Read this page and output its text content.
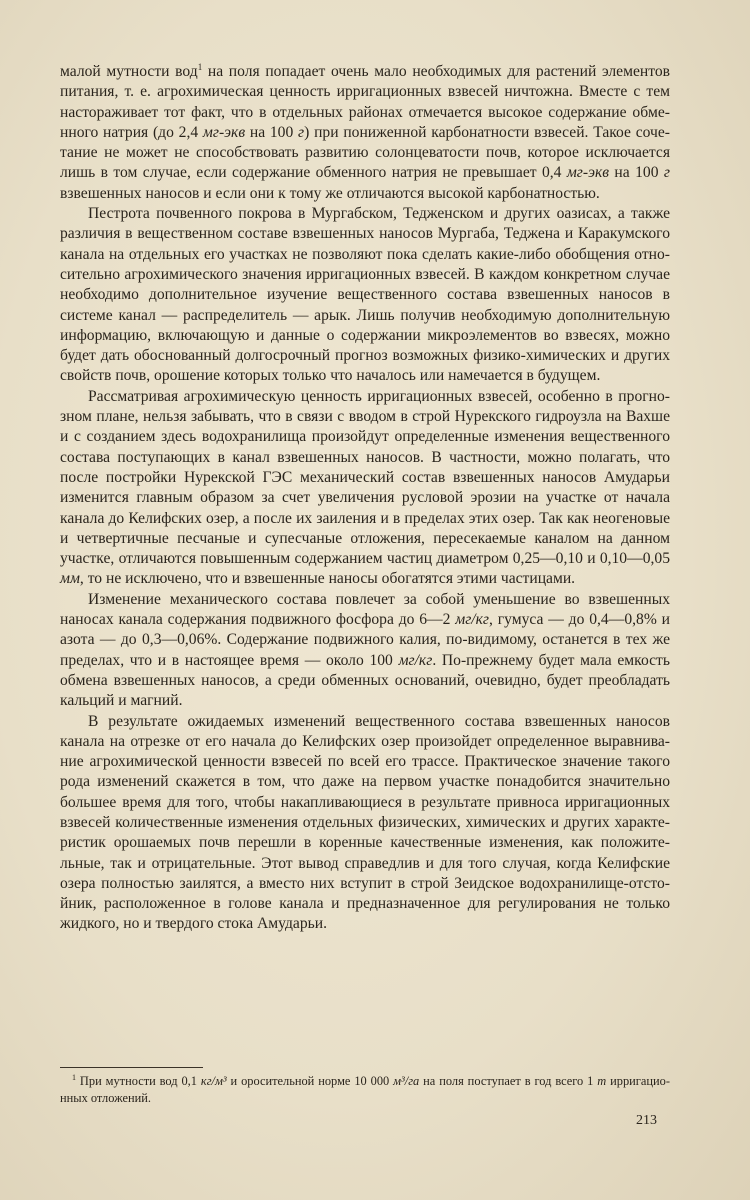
малой мутности вод$^1$ на поля попадает очень мало необходимых для растений элементов питания, т. е. агрохимическая ценность ирригационных взвесей ничтожна. Вместе с тем настораживает тот факт, что в отдельных районах отмечается высокое содержание обменного натрия (до 2,4 мг-экв на 100 г) при пониженной карбонатности взвесей. Такое сочетание не может не способствовать развитию солонцеватости почв, которое исключается лишь в том случае, если содержание обменного натрия не превышает 0,4 мг-экв на 100 г взвешенных наносов и если они к тому же отличаются высокой карбонатностью.

Пестрота почвенного покрова в Мургабском, Тедженском и других оазисах, а также различия в вещественном составе взвешенных наносов Мургаба, Теджена и Каракумского канала на отдельных его участках не позволяют пока сделать какие-либо обобщения относительно агрохимического значения ирригационных взвесей. В каждом конкретном случае необходимо дополнительное изучение вещественного состава взвешенных наносов в системе канал — распределитель — арык. Лишь получив необходимую дополнительную информацию, включающую и данные о содержании микроэлементов во взвесях, можно будет дать обоснованный долгосрочный прогноз возможных физико-химических и других свойств почв, орошение которых только что началось или намечается в будущем.

Рассматривая агрохимическую ценность ирригационных взвесей, особенно в прогнозном плане, нельзя забывать, что в связи с вводом в строй Нурекского гидроузла на Вахше и с созданием здесь водохранилища произойдут определенные изменения вещественного состава поступающих в канал взвешенных наносов. В частности, можно полагать, что после постройки Нурекской ГЭС механический состав взвешенных наносов Амударьи изменится главным образом за счет увеличения русловой эрозии на участке от начала канала до Келифских озер, а после их заиления и в пределах этих озер. Так как неогеновые и четвертичные песчаные и супесчаные отложения, пересекаемые каналом на данном участке, отличаются повышенным содержанием частиц диаметром 0,25—0,10 и 0,10—0,05 мм, то не исключено, что и взвешенные наносы обогатятся этими частицами.

Изменение механического состава повлечет за собой уменьшение во взвешенных наносах канала содержания подвижного фосфора до 6—2 мг/кг, гумуса — до 0,4—0,8% и азота — до 0,3—0,06%. Содержание подвижного калия, по-видимому, останется в тех же пределах, что и в настоящее время — около 100 мг/кг. По-прежнему будет мала емкость обмена взвешенных наносов, а среди обменных оснований, очевидно, будет преобладать кальций и магний.

В результате ожидаемых изменений вещественного состава взвешенных наносов канала на отрезке от его начала до Келифских озер произойдет определенное выравнивание агрохимической ценности взвесей по всей его трассе. Практическое значение такого рода изменений скажется в том, что даже на первом участке понадобится значительно большее время для того, чтобы накапливающиеся в результате привноса ирригационных взвесей количественные изменения отдельных физических, химических и других характеристик орошаемых почв перешли в коренные качественные изменения, как положительные, так и отрицательные. Этот вывод справедлив и для того случая, когда Келифские озера полностью заилятся, а вместо них вступит в строй Зеидское водохранилище-отстойник, расположенное в голове канала и предназначенное для регулирования не только жидкого, но и твердого стока Амударьи.

$^1$ При мутности вод 0,1 кг/м³ и оросительной норме 10 000 м³/га на поля поступает в год всего 1 т ирригационных отложений.
213
